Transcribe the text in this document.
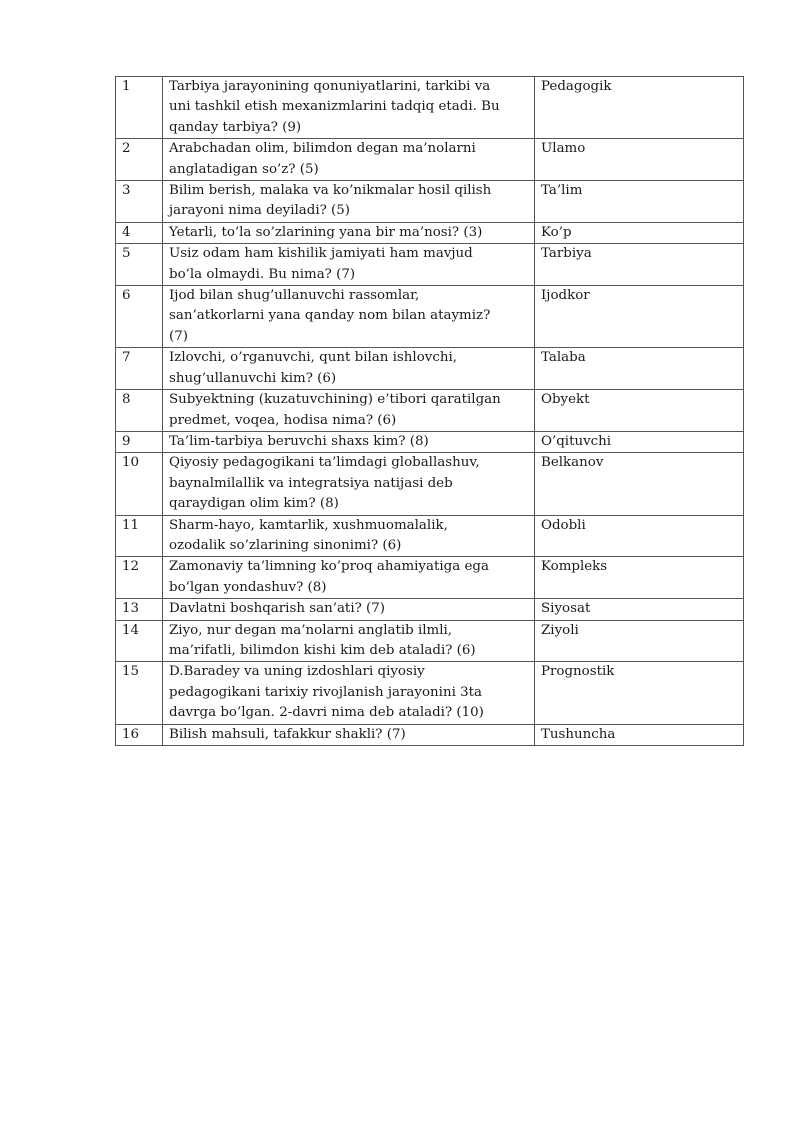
1	Tarbiya jarayonining qonuniyatlarini, tarkibi va
uni tashkil etish mexanizmlarini tadqiq etadi. Bu
qanday tarbiya? (9)	Pedagogik
2	Arabchadan olim, bilimdon degan ma’nolarni
anglatadigan so’z? (5)	Ulamo
3	Bilim berish, malaka va ko’nikmalar hosil qilish
jarayoni nima deyiladi? (5)	Ta’lim
4	Yetarli, to’la so’zlarining yana bir ma’nosi? (3)	Ko’p
5	Usiz odam ham kishilik jamiyati ham mavjud
bo’la olmaydi. Bu nima? (7)	Tarbiya
6	Ijod bilan shug’ullanuvchi rassomlar,
san’atkorlarni yana qanday nom bilan ataymiz?
(7)	Ijodkor
7	Izlovchi, o’rganuvchi, qunt bilan ishlovchi,
shug’ullanuvchi kim? (6)	Talaba
8	Subyektning (kuzatuvchining) e’tibori qaratilgan
predmet, voqea, hodisa nima? (6)	Obyekt
9	Ta’lim-tarbiya beruvchi shaxs kim? (8)	O’qituvchi
10	Qiyosiy pedagogikani ta’limdagi globallashuv,
baynalmilallik va integratsiya natijasi deb
qaraydigan olim kim? (8)	Belkanov
11	Sharm-hayo, kamtarlik, xushmuomalalik,
ozodalik so’zlarining sinonimi? (6)	Odobli
12	Zamonaviy ta’limning ko’proq ahamiyatiga ega
bo’lgan yondashuv? (8)	Kompleks
13	Davlatni boshqarish san’ati? (7)	Siyosat
14	Ziyo, nur degan ma’nolarni anglatib ilmli,
ma’rifatli, bilimdon kishi kim deb ataladi? (6)	Ziyoli
15	D.Baradey va uning izdoshlari qiyosiy
pedagogikani tarixiy rivojlanish jarayonini 3ta
davrga bo’lgan. 2-davri nima deb ataladi? (10)	Prognostik
16	Bilish mahsuli, tafakkur shakli? (7)	Tushuncha
